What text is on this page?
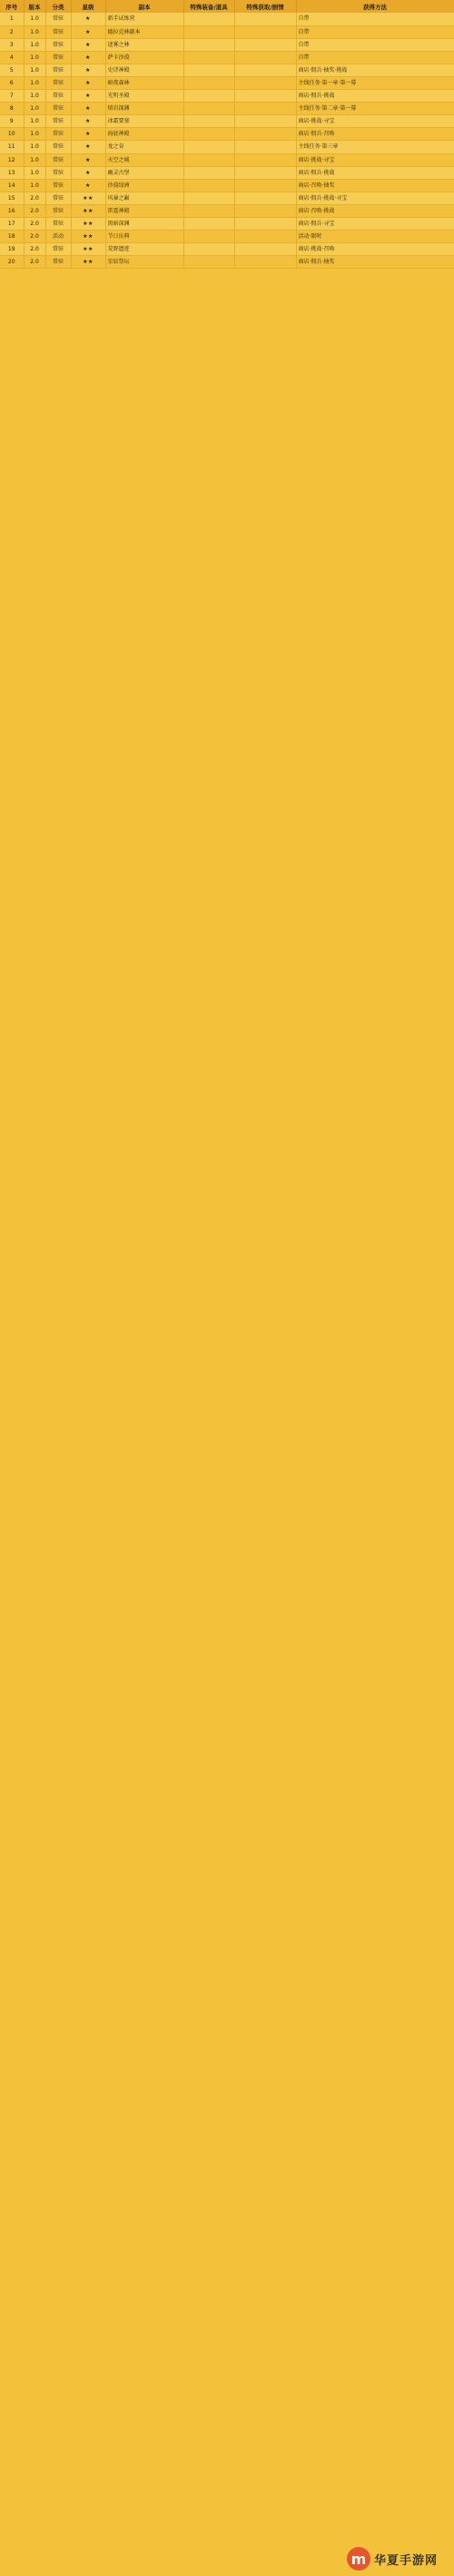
序号	版本	分类	星级	副本	特殊装备/道具	特殊获取/剧情	获得方法
1	1.0	常驻	★	新手试炼营			自带
2	1.0	常驻	★	德拉克林副本			自带
3	1.0	常驻	★	迷雾之林			自带
4	1.0	常驻	★	萨卡沙漠			自带
5	1.0	常驻	★	史诗神殿			商店·佣兵·抽奖·挑战
6	1.0	常驻	★	暗夜森林			主线任务·第一章·第一幕
7	1.0	常驻	★	光明圣殿			商店·佣兵·挑战
8	1.0	常驻	★	熔岩深渊			主线任务·第二章·第一幕
9	1.0	常驻	★	冰霜要塞			商店·挑战·寻宝
10	1.0	常驻	★	海底神殿			商店·佣兵·召唤
11	1.0	常驻	★	龙之谷			主线任务·第三章
12	1.0	常驻	★	天空之城			商店·挑战·寻宝
13	1.0	常驻	★	幽灵古堡			商店·佣兵·挑战
14	1.0	常驻	★	沙漠绿洲			商店·召唤·抽奖
15	2.0	常驻	★★	风暴之巅			商店·佣兵·挑战·寻宝
16	2.0	常驻	★★	雷霆神殿			商店·召唤·挑战
17	2.0	常驻	★★	黑暗深渊			商店·佣兵·寻宝
18	2.0	活动	★★	节日庆典			活动·限时
19	2.0	常驻	★★	荒野遗迹			商店·挑战·召唤
20	2.0	常驻	★★	星辰祭坛			商店·佣兵·抽奖
m 华夏手游网
